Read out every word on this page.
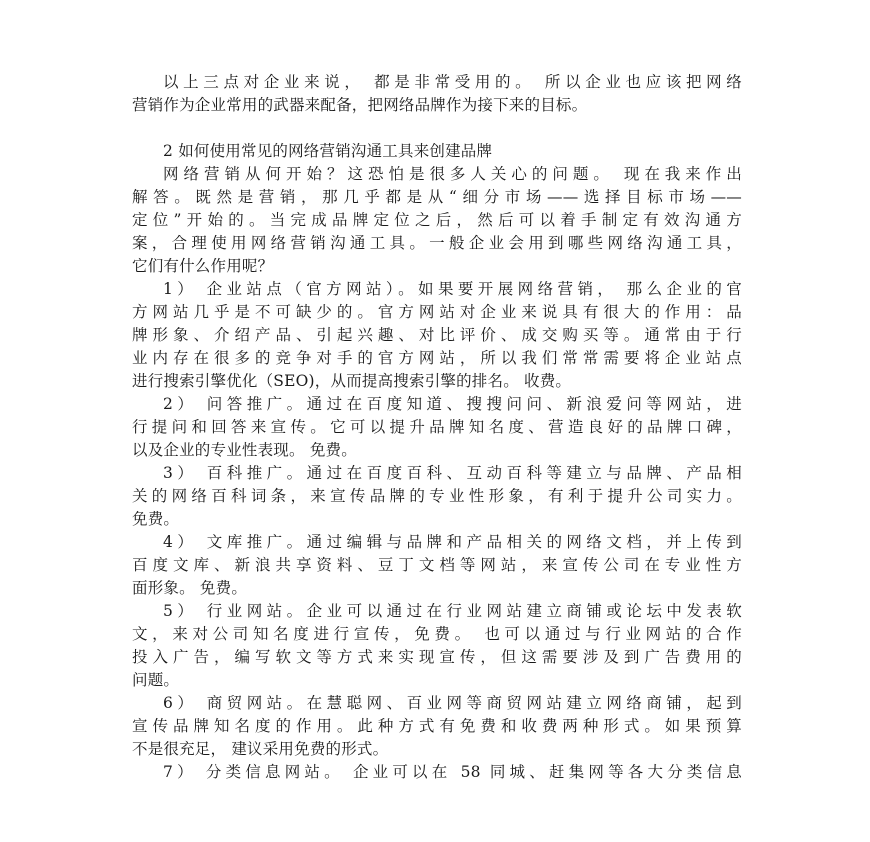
以上三点对企业来说， 都是非常受用的。 所以企业也应该把网络
营销作为企业常用的武器来配备，把网络品牌作为接下来的目标。
2 如何使用常见的网络营销沟通工具来创建品牌
网络营销从何开始？这恐怕是很多人关心的问题。 现在我来作出
解答。既然是营销，那几乎都是从“细分市场——选择目标市场——
定位”开始的。当完成品牌定位之后，然后可以着手制定有效沟通方
案，合理使用网络营销沟通工具。一般企业会用到哪些网络沟通工具，
它们有什么作用呢？
1） 企业站点（官方网站）。如果要开展网络营销， 那么企业的官
方网站几乎是不可缺少的。官方网站对企业来说具有很大的作用：品
牌形象、介绍产品、引起兴趣、对比评价、成交购买等。通常由于行
业内存在很多的竞争对手的官方网站，所以我们常常需要将企业站点
进行搜索引擎优化（SEO)，从而提高搜索引擎的排名。 收费。
2） 问答推广。通过在百度知道、搜搜问问、新浪爱问等网站，进
行提问和回答来宣传。它可以提升品牌知名度、营造良好的品牌口碑，
以及企业的专业性表现。 免费。
3） 百科推广。通过在百度百科、互动百科等建立与品牌、产品相
关的网络百科词条，来宣传品牌的专业性形象，有利于提升公司实力。
免费。
4） 文库推广。通过编辑与品牌和产品相关的网络文档，并上传到
百度文库、新浪共享资料、豆丁文档等网站，来宣传公司在专业性方
面形象。 免费。
5） 行业网站。企业可以通过在行业网站建立商铺或论坛中发表软
文，来对公司知名度进行宣传，免费。 也可以通过与行业网站的合作
投入广告，编写软文等方式来实现宣传，但这需要涉及到广告费用的
问题。
6） 商贸网站。在慧聪网、百业网等商贸网站建立网络商铺，起到
宣传品牌知名度的作用。此种方式有免费和收费两种形式。如果预算
不是很充足， 建议采用免费的形式。
7） 分类信息网站。 企业可以在 58 同城、赶集网等各大分类信息
